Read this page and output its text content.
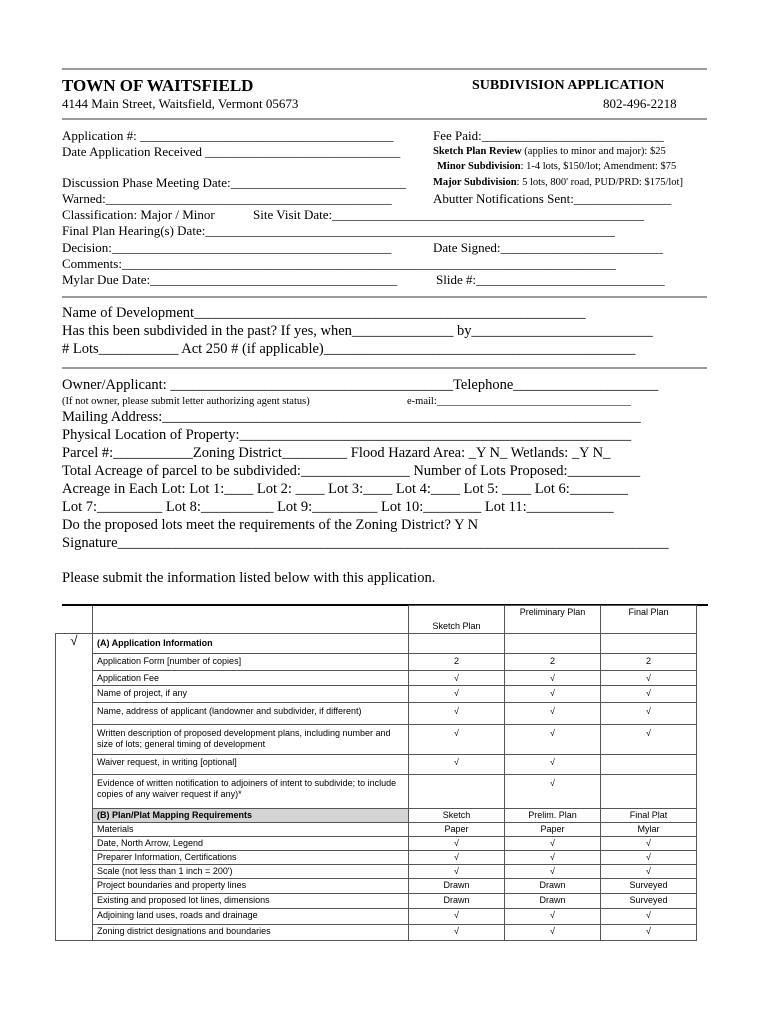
TOWN OF WAITSFIELD	SUBDIVISION APPLICATION
4144 Main Street, Waitsfield, Vermont 05673	802-496-2218
Application #: _______________________________________	Fee Paid:____________________________
Date Application Received ______________________________	Sketch Plan Review (applies to minor and major): $25
Minor Subdivision: 1-4 lots, $150/lot; Amendment: $75
Discussion Phase Meeting Date:___________________________	Major Subdivision: 5 lots, 800' road, PUD/PRD: $175/lot]
Warned:____________________________________________	Abutter Notifications Sent:_______________
Classification: Major / Minor	Site Visit Date:________________________________________________
Final Plan Hearing(s) Date:_______________________________________________________________
Decision:___________________________________________	Date Signed:_________________________
Comments:____________________________________________________________________________
Mylar Due Date:______________________________________	Slide #:_____________________________
Name of Development______________________________________________________
Has this been subdivided in the past? If yes, when______________ by_________________________
# Lots___________ Act 250 # (if applicable)___________________________________________
Owner/Applicant: _______________________________________Telephone____________________
(If not owner, please submit letter authorizing agent status)	e-mail:_____________________________________
Mailing Address:__________________________________________________________________
Physical Location of Property:______________________________________________________
Parcel #:___________Zoning District_________ Flood Hazard Area: _Y N_ Wetlands: _Y N_
Total Acreage of parcel to be subdivided:_______________ Number of Lots Proposed:__________
Acreage in Each Lot: Lot 1:____ Lot 2: ____ Lot 3:____ Lot 4:____ Lot 5: ____ Lot 6:________
Lot 7:_________ Lot 8:__________ Lot 9:_________ Lot 10:________ Lot 11:____________
Do the proposed lots meet the requirements of the Zoning District? Y N
Signature____________________________________________________________________________
Please submit the information listed below with this application.
		Sketch Plan	Preliminary Plan	Final Plan
√	(A) Application Information			
	Application Form [number of copies]	2	2	2
	Application Fee	√	√	√
	Name of project, if any	√	√	√
	Name, address of applicant (landowner and subdivider, if different)	√	√	√
	Written description of proposed development plans, including number and size of lots; general timing of development	√	√	√
	Waiver request, in writing [optional]	√	√	
	Evidence of written notification to adjoiners of intent to subdivide; to include copies of any waiver request if any)*		√	
	(B) Plan/Plat Mapping Requirements	Sketch	Prelim. Plan	Final Plat
	Materials	Paper	Paper	Mylar
	Date, North Arrow, Legend	√	√	√
	Preparer Information, Certifications	√	√	√
	Scale (not less than 1 inch = 200')	√	√	√
	Project boundaries and property lines	Drawn	Drawn	Surveyed
	Existing and proposed lot lines, dimensions	Drawn	Drawn	Surveyed
	Adjoining land uses, roads and drainage	√	√	√
	Zoning district designations and boundaries	√	√	√
